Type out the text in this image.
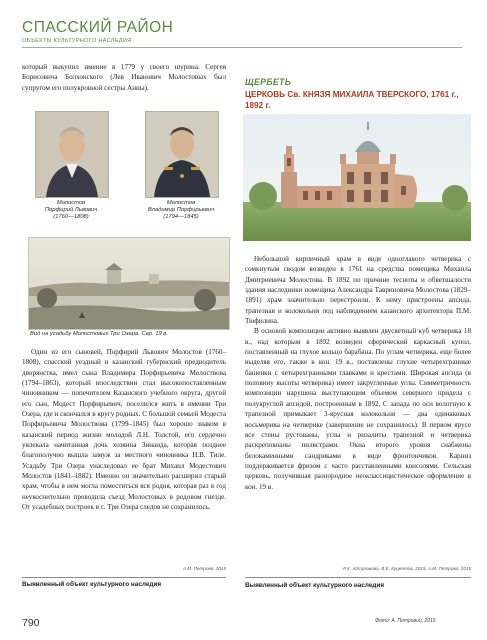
СПАССКИЙ РАЙОН
ОБЪЕКТЫ КУЛЬТУРНОГО НАСЛЕДИЯ

который выкупил имение в 1779 у своего шурина. Сергея Борисовича Болхонского (Лев Иванович Молостовых был супругом его полукровной сестры Анны).

Молостов
Порфирий Львович
(1760—1808)
Молостов
Владимир Порфирьевич
(1794—1845)
Вид на усадьбу Молостовых Три Озера. Сер. 19 в.

Один из его сыновей, Порфирий Львович Молостов (1760–1808), спасский уездный и казанский губернский предводитель дворянства, имел сына Владимира Порфирьевича Молоствова (1794–1863), который впоследствии стал высокопоставленным чиновником — попечителем Казанского учебного округа, другой его сын, Модест Порфирьевич, поселился жить в имении Три Озера, где и скончался в кругу родных. С большой семьей Модеста Порфирьевича Молоствова (1799–1845) был хорошо знаком в казанский период жизни молодой Л.Н. Толстой, его сердечно увлекала начитанная дочь хозяина Зинаида, которая позднее благополучно вышла замуж за местного чиновника Н.В. Тиле. Усадьбу Три Озера унаследовал ее брат Михаил Модестович Молостов (1841–1882). Именно он значительно расширил старый храм, чтобы в нем могла поместиться вся родня, которая раз в год неукоснительно проводила съезд Молостовых в родовом гнезде. От усадебных построек в с. Три Озера следов не сохранилось.

А.М. Петрова, 2015
ЩЕРБЕТЬ
ЦЕРКОВЬ Св. КНЯЗЯ МИХАИЛА ТВЕРСКОГО, 1761 г., 1892 г.

Небольшой кирпичный храм в виде одноглавого четверика с сомкнутым сводом возведен в 1761 на средства помещика Михаила Дмитриевича Молостова. В 1892 по причине тесноты и обветшалости здания наследники помещика Александра Тавриновича Молостова (1829–1891) храм значительно перестроили. К нему пристроены апсида, трапезная и колокольня под наблюдением казанского архитектора П.М. Тюфилина.

В основой композиции активно выявлен двусветный куб четверика 18 в., над которым в 1892 возведен сферический каркасный купол, поставленный на глухое кольцо барабана. По углам четверика, еще более выделяя его, также в кон. 19 в., поставлены глухие четырехгранные башенки с четырехгранными главками и крестами. Широкая апсида (в половину высоты четверика) имеет закругленные углы. Симметричность композиции нарушена выступающим объемом северного придела с полукруглой апсидой, построенным в 1892. С запада по оси волотную к трапезной примыкает 3-ярусная колокольня — два одинаковых восьмерика на четверике (завершение не сохранилось). В первом ярусе все стены рустованы, углы и ризалиты трапезной и четверика раскреповоаны пилястрами. Окна второго уровня снабжены белокаменными сандриками в виде фронтончиков. Карниз поддерживается фризом с часто расставленными консолями. Сельская церковь, получившая разнородное неоклассицистическое оформление в кон. 19 в.

Р.Х. Айтуганова, В.Е. Куцентов, 2015, А.М. Петрова, 2015
Выявленный объект культурного наследия	Выявленный объект культурного наследия
790	Фото: А. Петровой, 2015
